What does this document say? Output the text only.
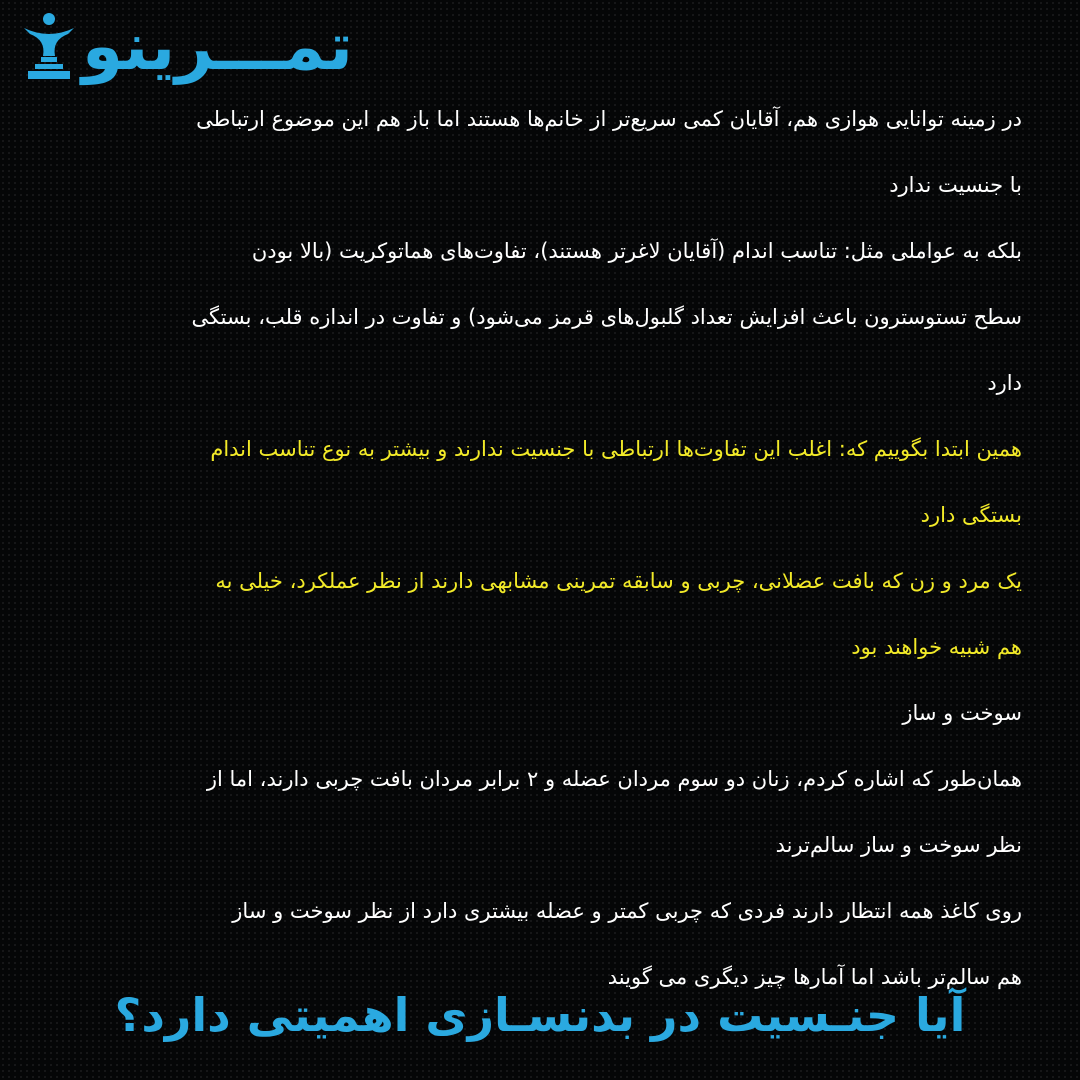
تمـــرینو
در زمینه توانایی هوازی هم، آقایان کمی سریع‌تر از خانم‌ها هستند اما باز هم این موضوع ارتباطی
با جنسیت ندارد
بلکه به عواملی مثل: تناسب اندام (آقایان لاغرتر هستند)، تفاوت‌های هماتوکریت (بالا بودن
سطح تستوسترون باعث افزایش تعداد گلبول‌های قرمز می‌شود) و تفاوت در اندازه قلب، بستگی
دارد
همین ابتدا بگوییم که: اغلب این تفاوت‌ها ارتباطی با جنسیت ندارند و بیشتر به نوع تناسب اندام
بستگی دارد
یک مرد و زن که بافت عضلانی، چربی و سابقه تمرینی مشابهی دارند از نظر عملکرد، خیلی به
هم شبیه خواهند بود
سوخت و ساز
همان‌طور که اشاره کردم، زنان دو سوم مردان عضله و ۲ برابر مردان بافت چربی دارند، اما از
نظر سوخت و ساز سالم‌ترند
روی کاغذ همه انتظار دارند فردی که چربی کمتر و عضله بیشتری دارد از نظر سوخت و ساز
هم سالم‌تر باشد اما آمارها چیز دیگری می گویند
آیا جنـسیت در بدنسـازی اهمیتی دارد؟
